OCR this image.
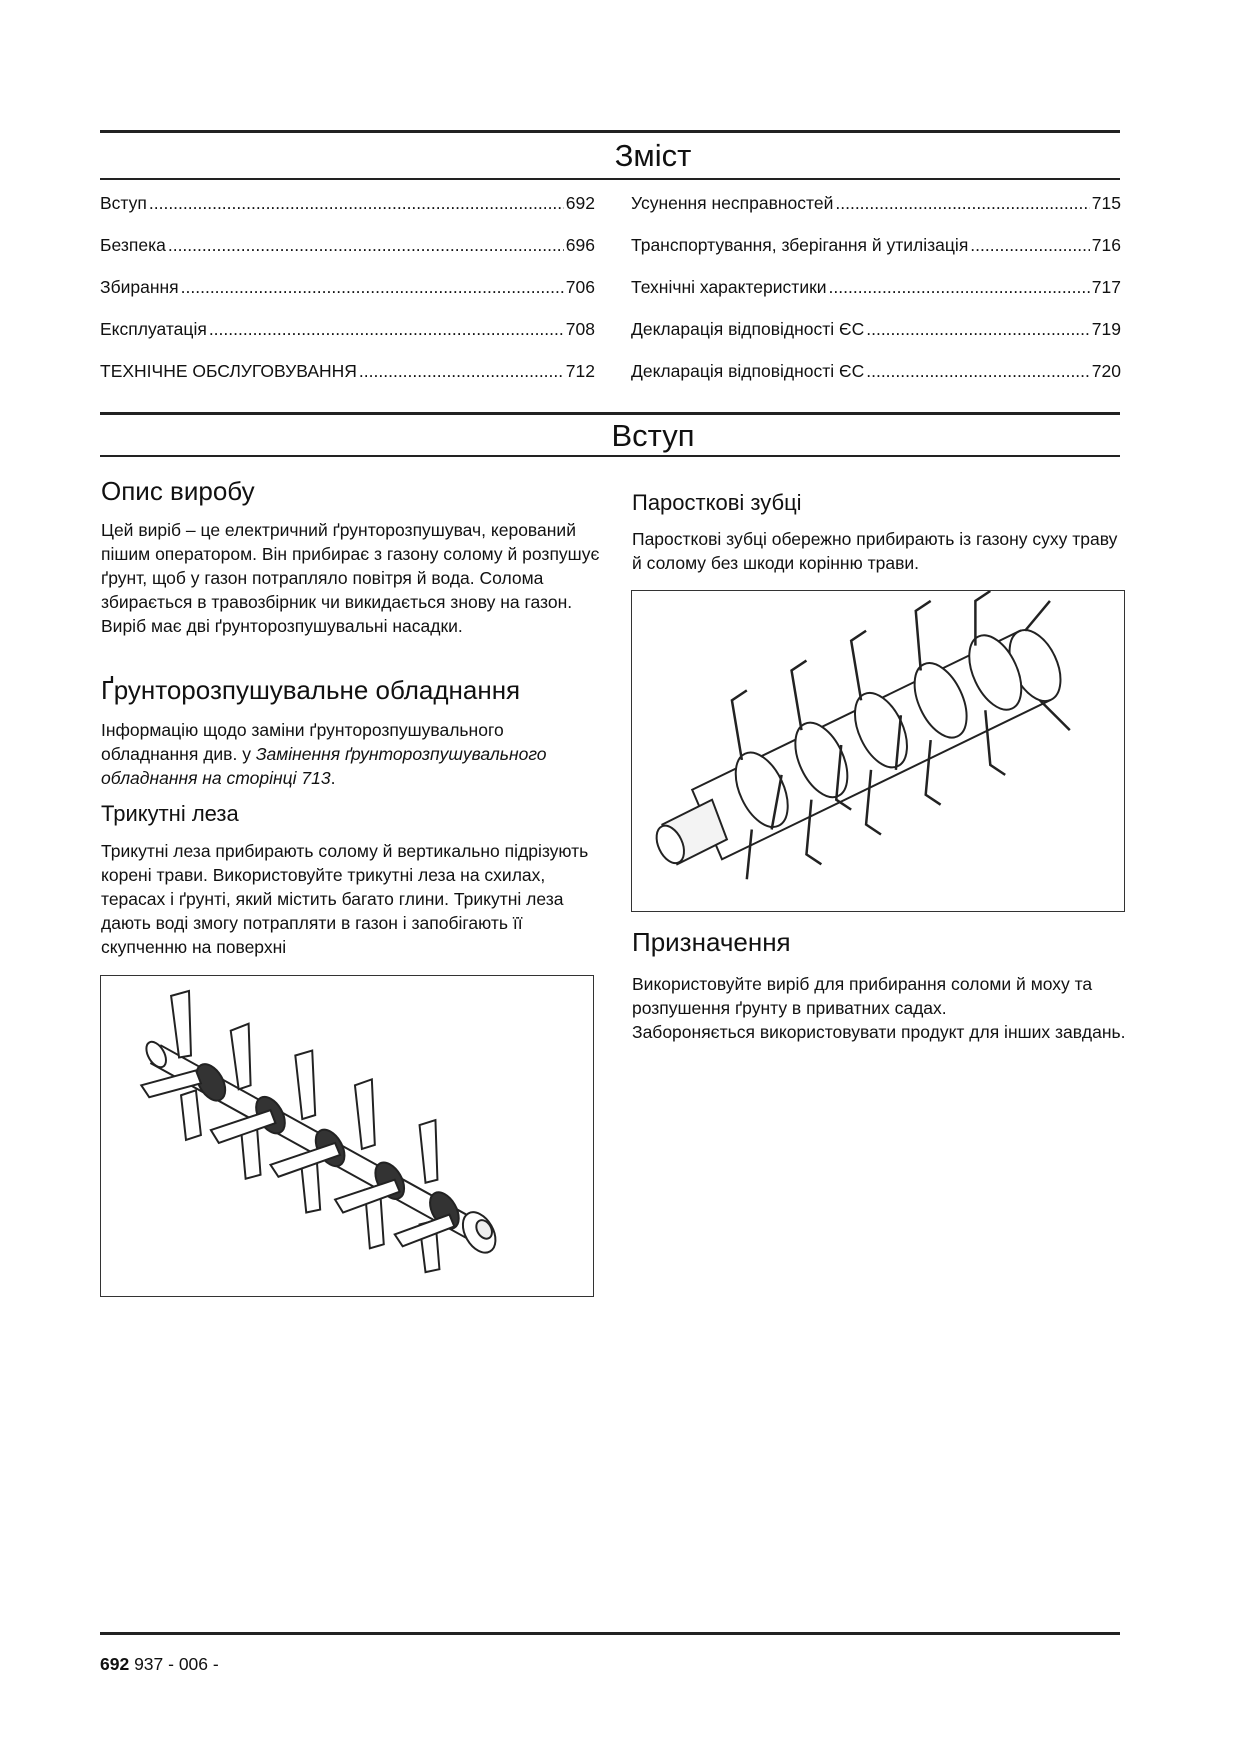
Зміст
Вступ .....	692
Безпека .....	696
Збирання .....	706
Експлуатація .....	708
ТЕХНІЧНЕ ОБСЛУГОВУВАННЯ .....	712
Усунення несправностей .....	715
Транспортування, зберігання й утилізація .....	716
Технічні характеристики .....	717
Декларація відповідності ЄС .....	719
Декларація відповідності ЄС .....	720
Вступ
Опис виробу

Цей виріб – це електричний ґрунторозпушувач, керований пішим оператором. Він прибирає з газону солому й розпушує ґрунт, щоб у газон потрапляло повітря й вода. Солома збирається в травозбірник чи викидається знову на газон. Виріб має дві ґрунторозпушувальні насадки.

Ґрунторозпушувальне обладнання

Інформацію щодо заміни ґрунторозпушувального обладнання див. у Замінення ґрунторозпушувального обладнання на сторінці 713.

Трикутні леза

Трикутні леза прибирають солому й вертикально підрізують корені трави. Використовуйте трикутні леза на схилах, терасах і ґрунті, який містить багато глини. Трикутні леза дають воді змогу потрапляти в газон і запобігають її скупченню на поверхні

Паросткові зубці

Паросткові зубці обережно прибирають із газону суху траву й солому без шкоди корінню трави.

Призначення

Використовуйте виріб для прибирання соломи й моху та розпушення ґрунту в приватних садах.

Забороняється використовувати продукт для інших завдань.

692 937 - 006 -
